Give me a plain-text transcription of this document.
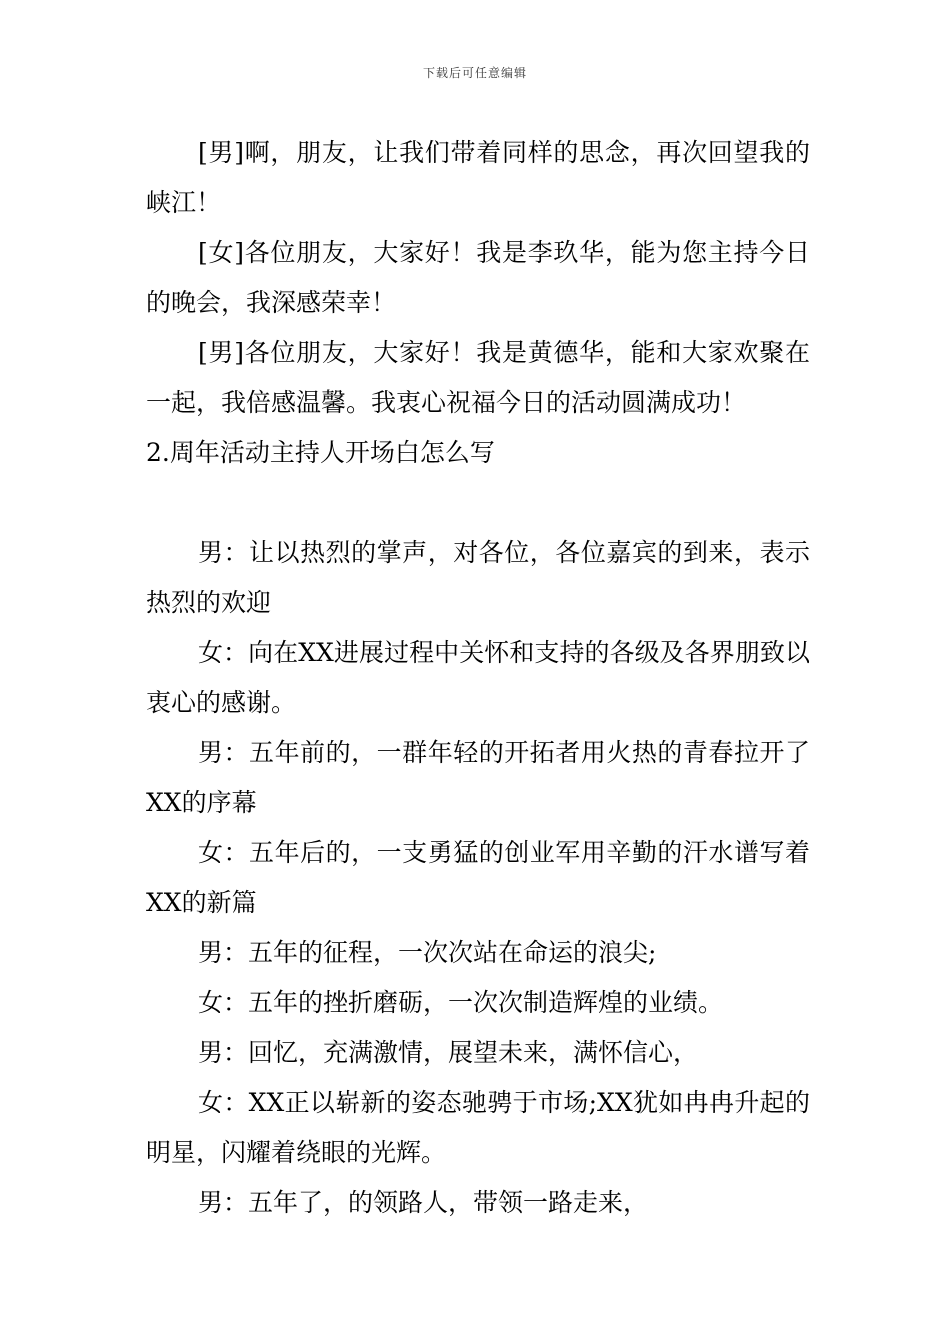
下载后可任意编辑

[男]啊，朋友，让我们带着同样的思念，再次回望我的峡江！

[女]各位朋友，大家好！我是李玖华，能为您主持今日的晚会，我深感荣幸！

[男]各位朋友，大家好！我是黄德华，能和大家欢聚在一起，我倍感温馨。我衷心祝福今日的活动圆满成功！

2.周年活动主持人开场白怎么写

男：让以热烈的掌声，对各位，各位嘉宾的到来，表示热烈的欢迎

女：向在XX进展过程中关怀和支持的各级及各界朋致以衷心的感谢。

男：五年前的，一群年轻的开拓者用火热的青春拉开了XX的序幕

女：五年后的，一支勇猛的创业军用辛勤的汗水谱写着XX的新篇

男：五年的征程，一次次站在命运的浪尖;

女：五年的挫折磨砺，一次次制造辉煌的业绩。

男：回忆，充满激情，展望未来，满怀信心，

女：XX正以崭新的姿态驰骋于市场;XX犹如冉冉升起的明星，闪耀着绕眼的光辉。

男：五年了，的领路人，带领一路走来，
